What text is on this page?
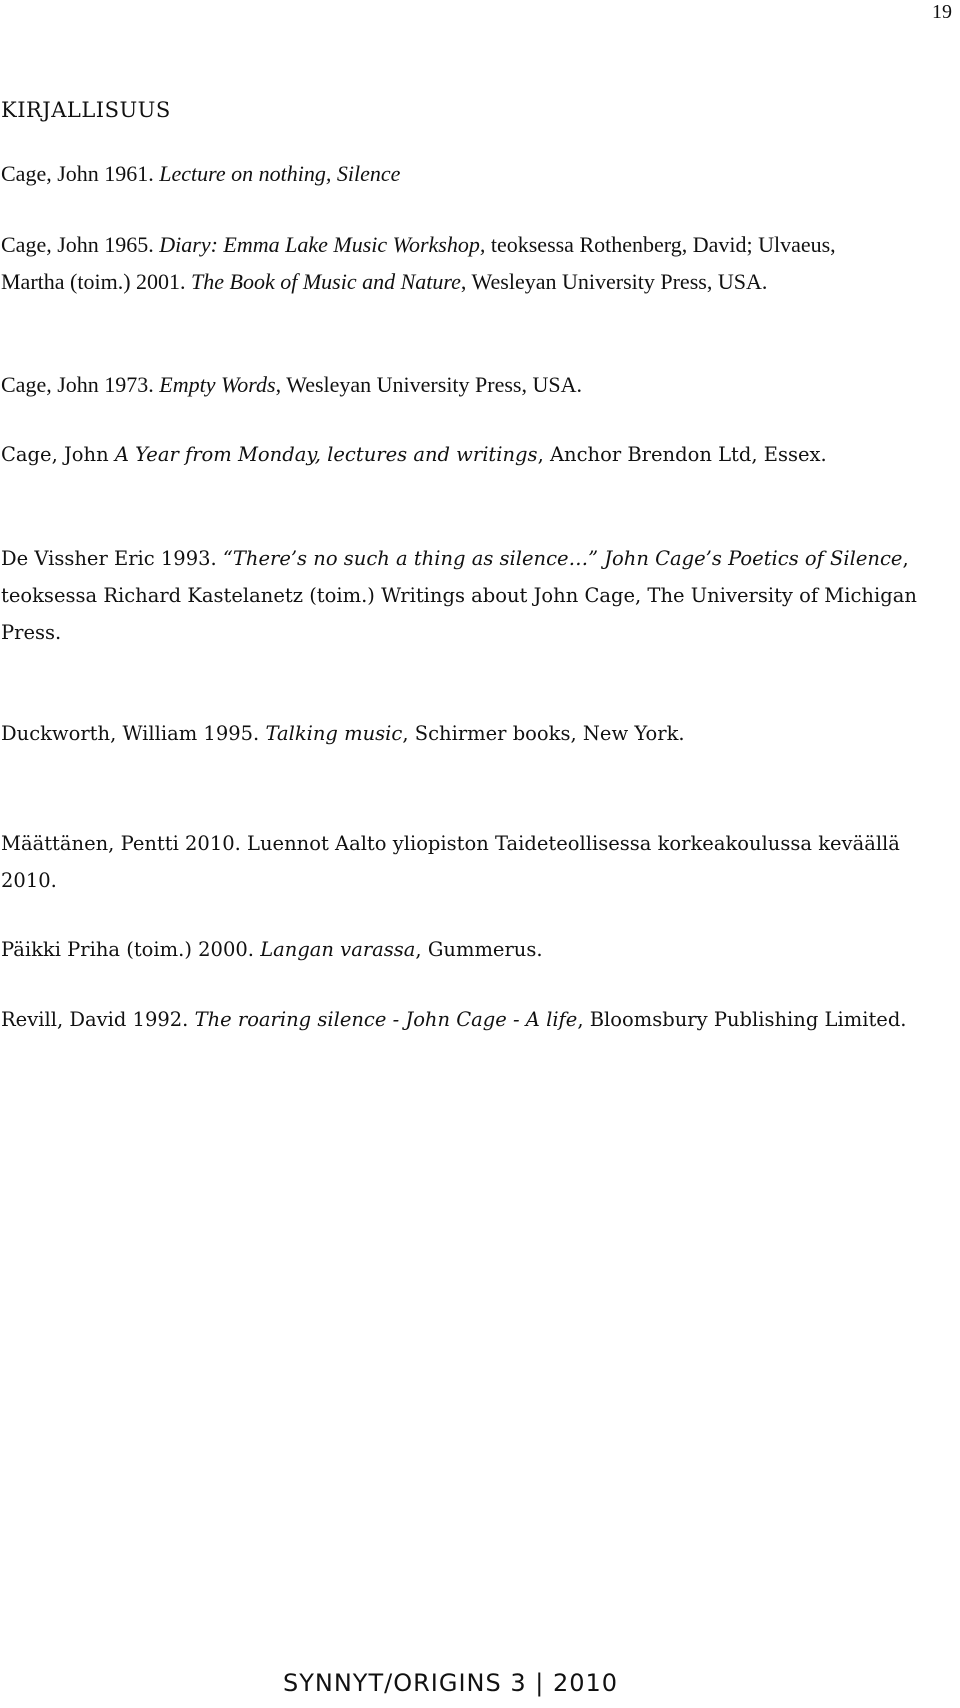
19
KIRJALLISUUS

Cage, John 1961. Lecture on nothing, Silence

Cage, John 1965. Diary: Emma Lake Music Workshop, teoksessa Rothenberg, David; Ulvaeus, Martha (toim.) 2001. The Book of Music and Nature, Wesleyan University Press, USA.

Cage, John 1973. Empty Words, Wesleyan University Press, USA.

Cage, John A Year from Monday, lectures and writings, Anchor Brendon Ltd, Essex.

De Vissher Eric 1993. “There’s no such a thing as silence…” John Cage’s Poetics of Silence, teoksessa Richard Kastelanetz (toim.) Writings about John Cage, The University of Michigan Press.

Duckworth, William 1995. Talking music, Schirmer books, New York.

Määttänen, Pentti 2010. Luennot Aalto yliopiston Taideteollisessa korkeakoulussa keväällä 2010.

Päikki Priha (toim.) 2000. Langan varassa, Gummerus.

Revill, David 1992. The roaring silence - John Cage - A life, Bloomsbury Publishing Limited.

SYNNYT/ORIGINS 3 | 2010
